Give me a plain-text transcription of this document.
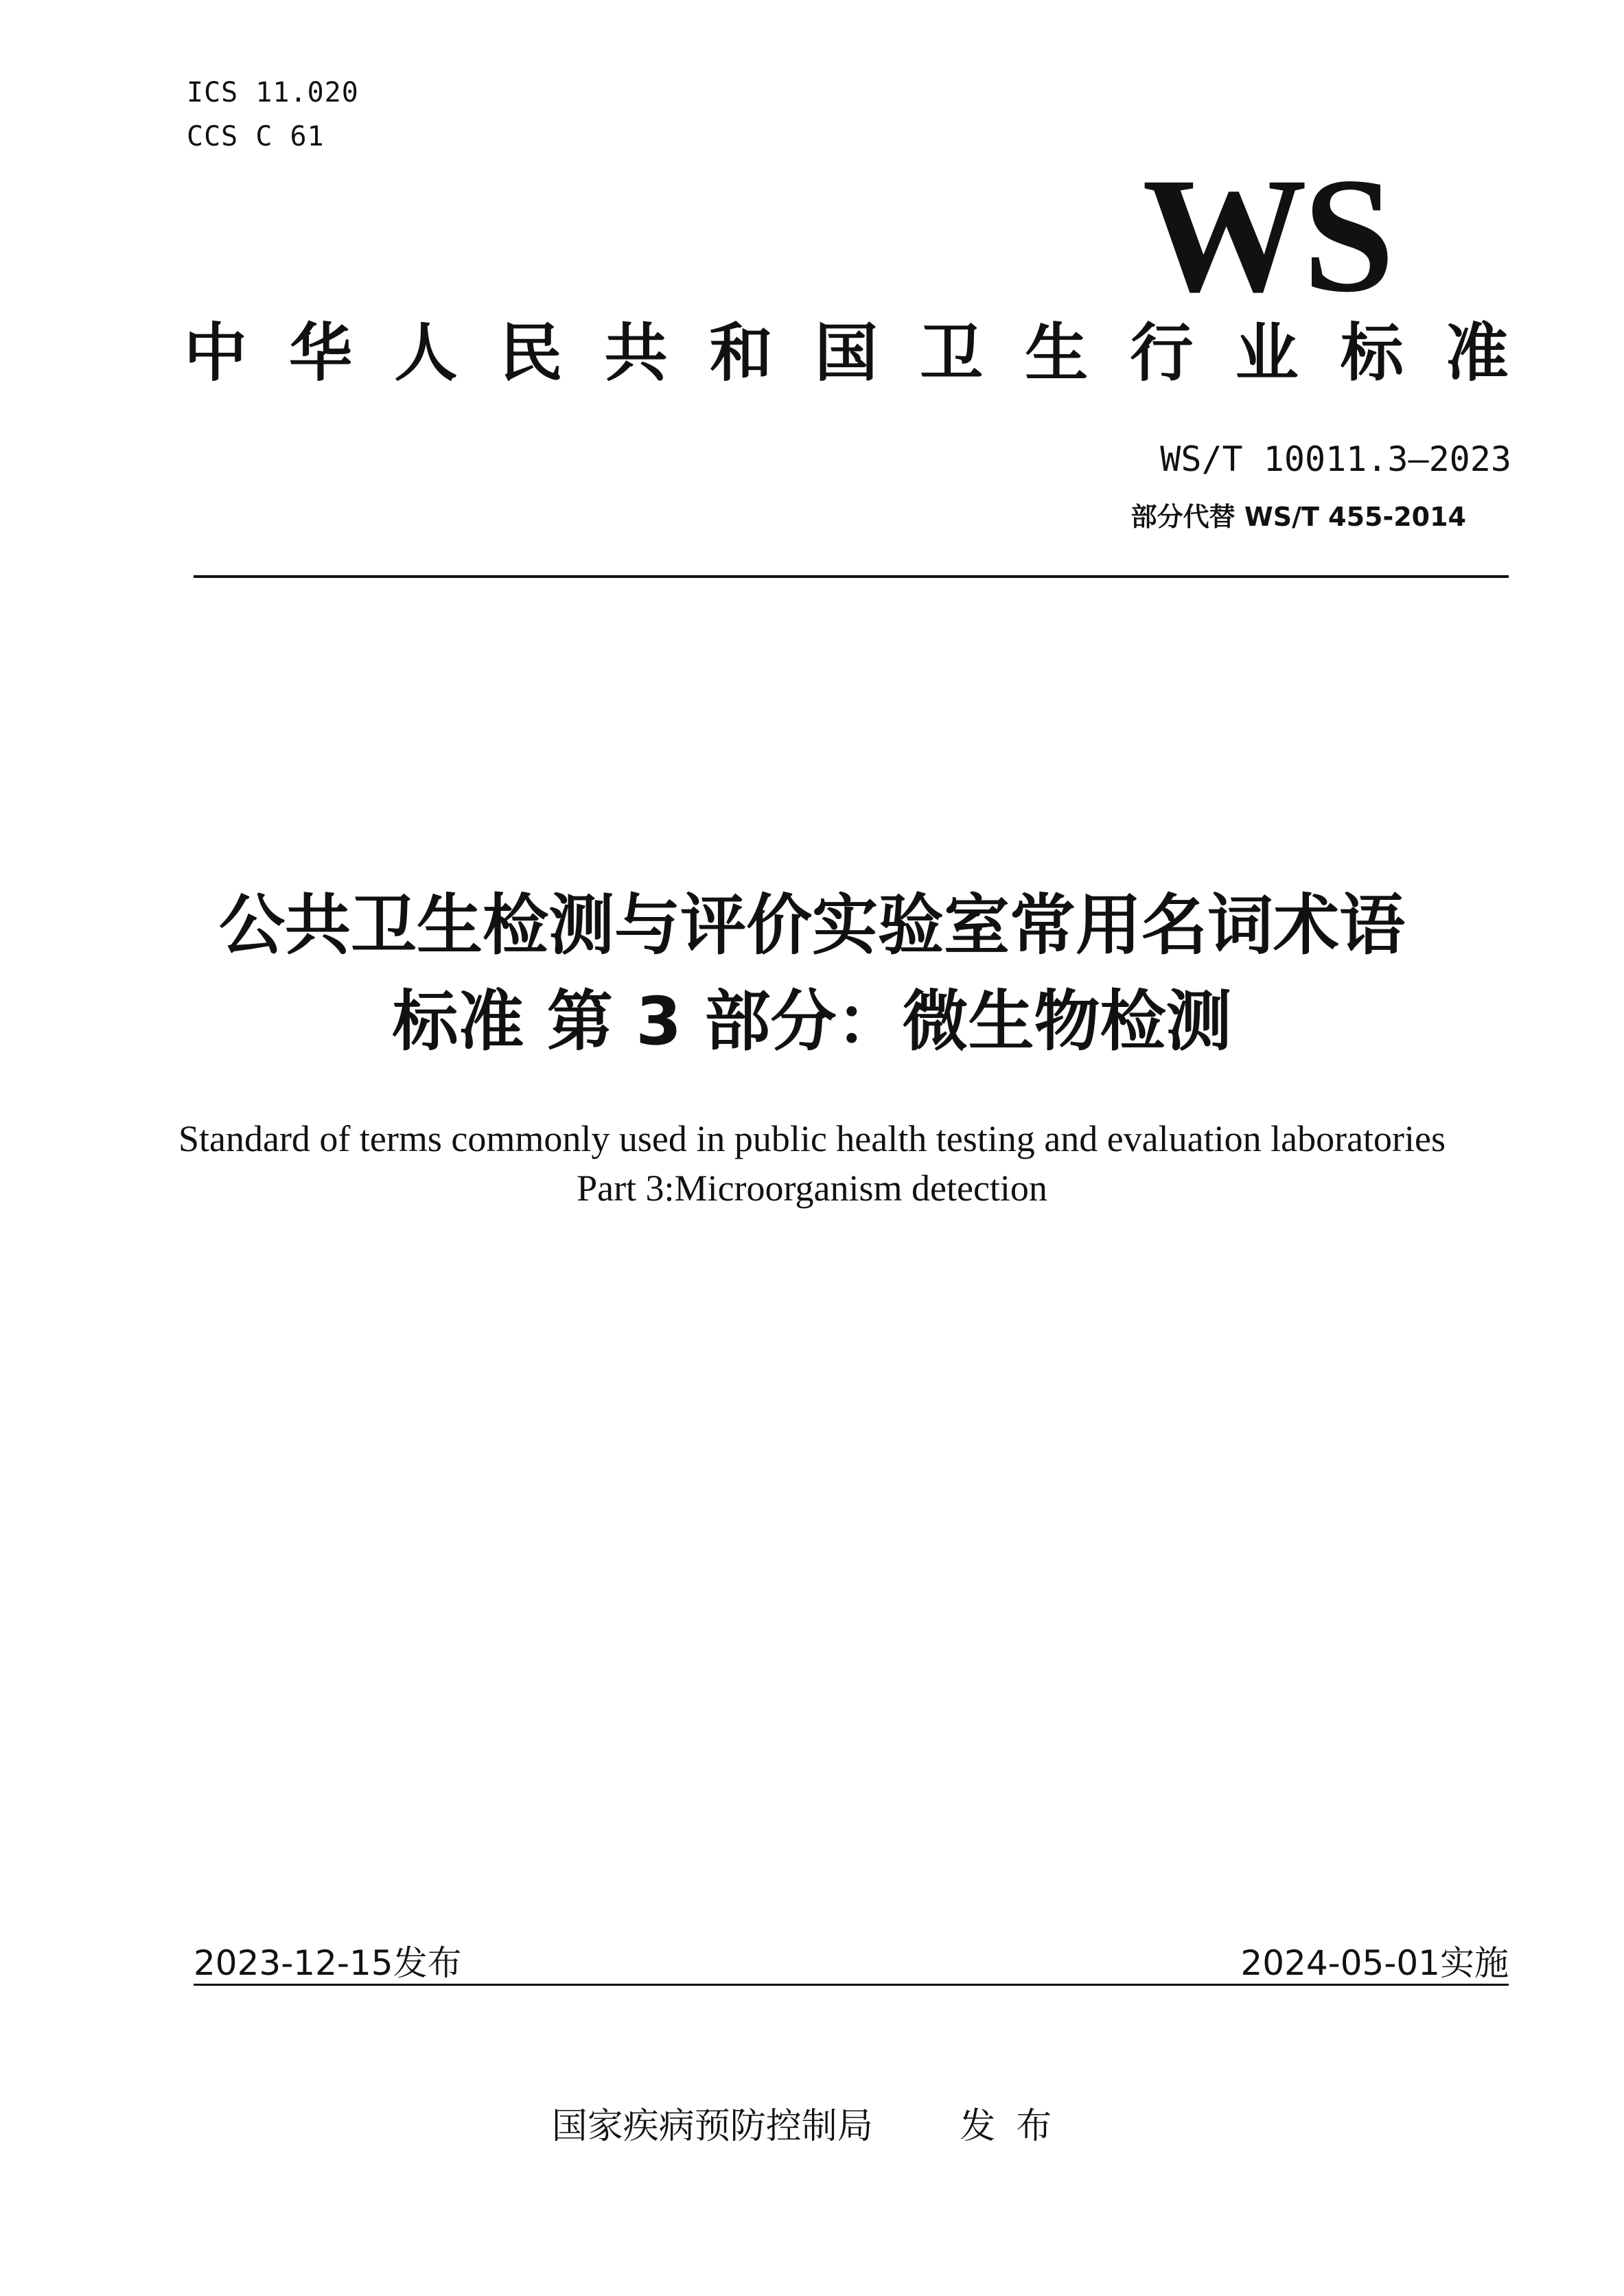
ICS 11.020
CCS C 61
WS
中 华 人 民 共 和 国 卫 生 行 业 标 准
WS/T 10011.3—2023
部分代替 WS/T 455-2014
公共卫生检测与评价实验室常用名词术语
标准 第 3 部分：微生物检测
Standard of terms commonly used in public health testing and evaluation laboratories
Part 3:Microorganism detection
2023-12-15发布	2024-05-01实施
国家疾病预防控制局 发布
